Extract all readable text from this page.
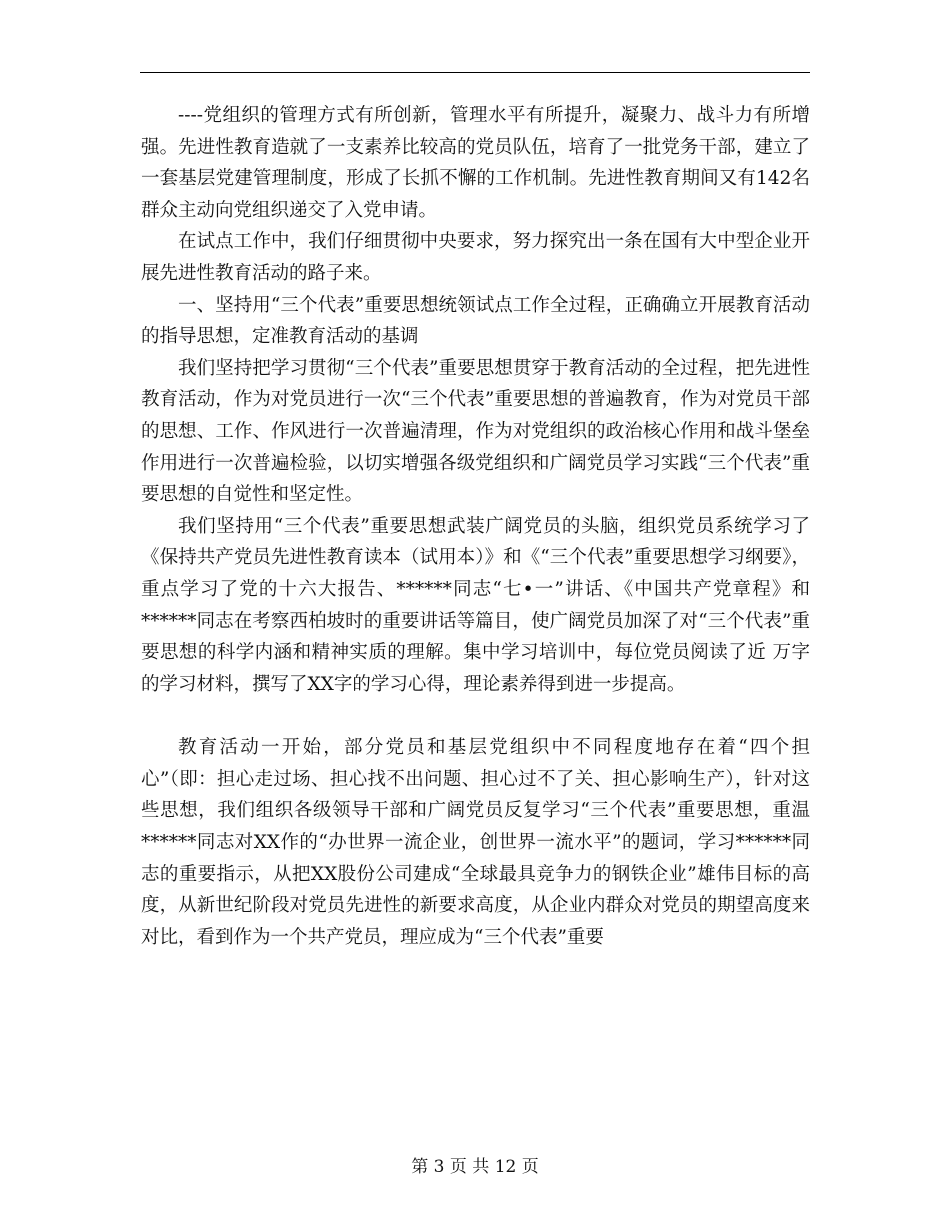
----党组织的管理方式有所创新，管理水平有所提升，凝聚力、战斗力有所增强。先进性教育造就了一支素养比较高的党员队伍，培育了一批党务干部，建立了一套基层党建管理制度，形成了长抓不懈的工作机制。先进性教育期间又有142名群众主动向党组织递交了入党申请。

在试点工作中，我们仔细贯彻中央要求，努力探究出一条在国有大中型企业开展先进性教育活动的路子来。

一、坚持用“三个代表”重要思想统领试点工作全过程，正确确立开展教育活动的指导思想，定准教育活动的基调

我们坚持把学习贯彻“三个代表”重要思想贯穿于教育活动的全过程，把先进性教育活动，作为对党员进行一次“三个代表”重要思想的普遍教育，作为对党员干部的思想、工作、作风进行一次普遍清理，作为对党组织的政治核心作用和战斗堡垒作用进行一次普遍检验，以切实增强各级党组织和广阔党员学习实践“三个代表”重要思想的自觉性和坚定性。

我们坚持用“三个代表”重要思想武装广阔党员的头脑，组织党员系统学习了《保持共产党员先进性教育读本（试用本）》和《“三个代表”重要思想学习纲要》，重点学习了党的十六大报告、******同志“七•一”讲话、《中国共产党章程》和******同志在考察西柏坡时的重要讲话等篇目，使广阔党员加深了对“三个代表”重要思想的科学内涵和精神实质的理解。集中学习培训中，每位党员阅读了近 万字的学习材料，撰写了XX字的学习心得，理论素养得到进一步提高。

教育活动一开始，部分党员和基层党组织中不同程度地存在着“四个担心”（即：担心走过场、担心找不出问题、担心过不了关、担心影响生产），针对这些思想，我们组织各级领导干部和广阔党员反复学习“三个代表”重要思想，重温******同志对XX作的“办世界一流企业，创世界一流水平”的题词，学习******同志的重要指示，从把XX股份公司建成“全球最具竞争力的钢铁企业”雄伟目标的高度，从新世纪阶段对党员先进性的新要求高度，从企业内群众对党员的期望高度来对比，看到作为一个共产党员，理应成为“三个代表”重要

第 3 页 共 12 页
